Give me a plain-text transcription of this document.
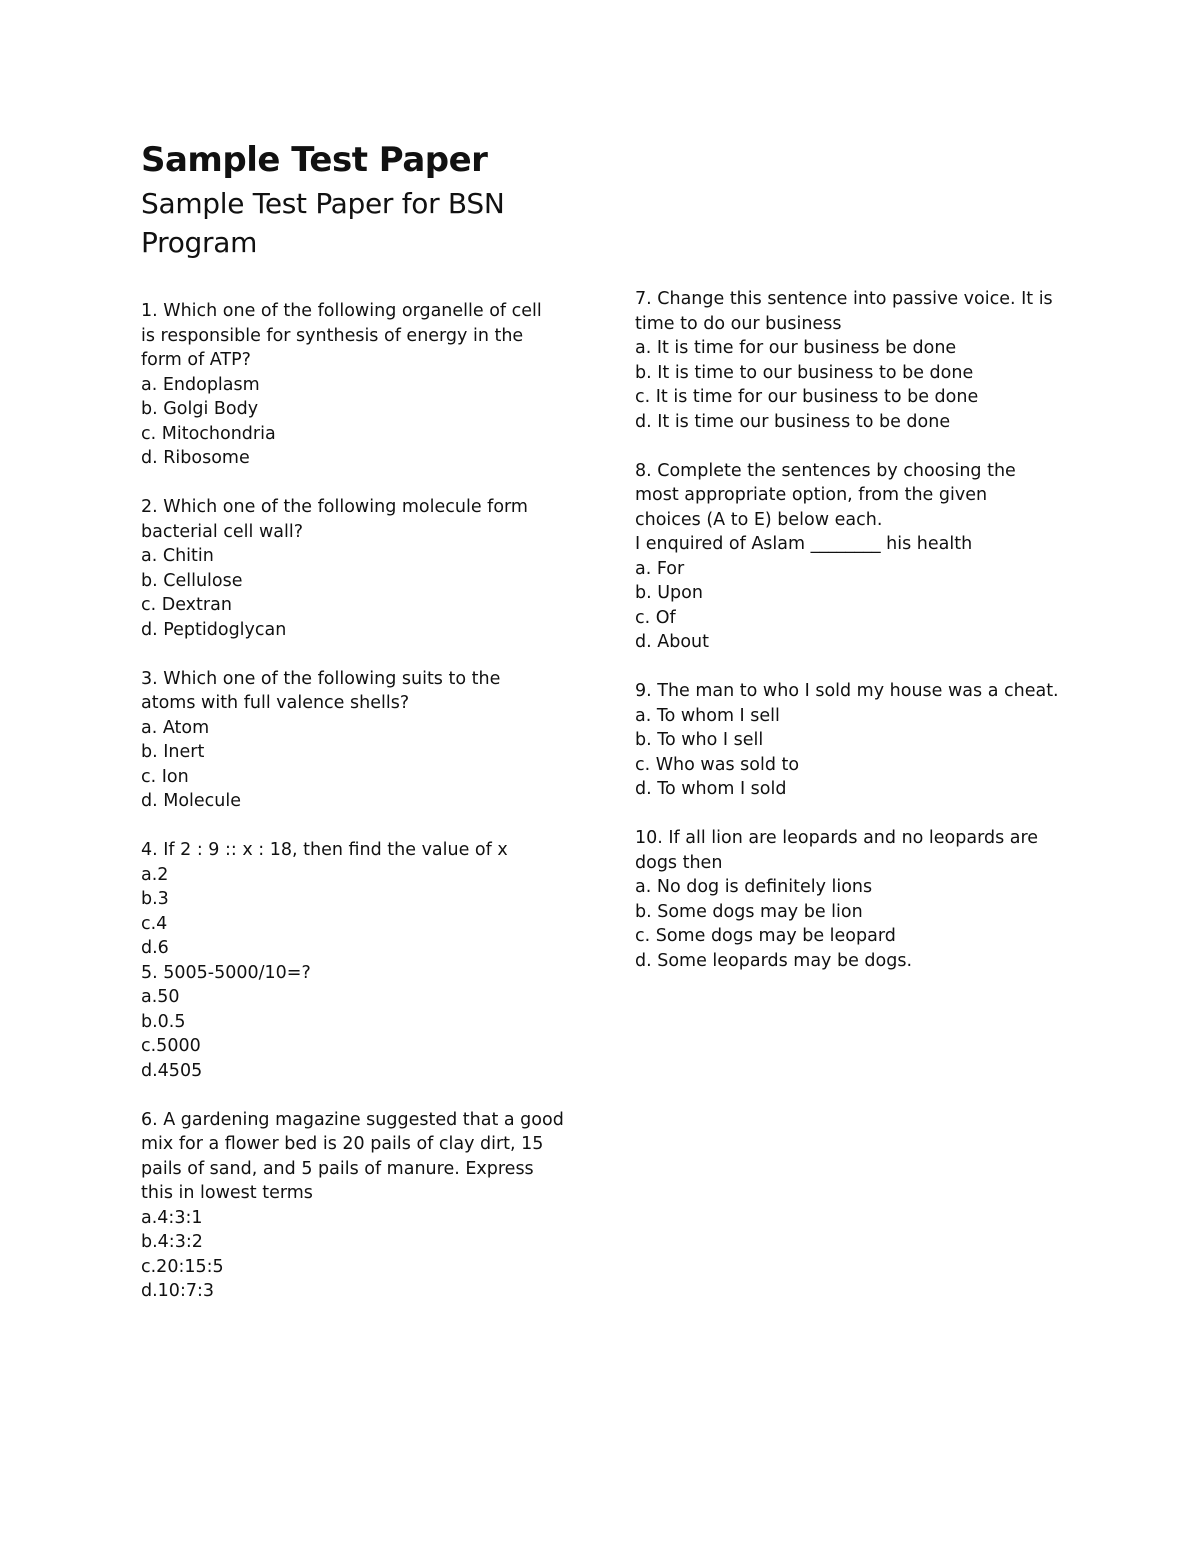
Sample Test Paper
Sample Test Paper for BSN Program
1. Which one of the following organelle of cell
is responsible for synthesis of energy in the
form of ATP?
a. Endoplasm
b. Golgi Body
c. Mitochondria
d. Ribosome
2. Which one of the following molecule form
bacterial cell wall?
a. Chitin
b. Cellulose
c. Dextran
d. Peptidoglycan
3. Which one of the following suits to the
atoms with full valence shells?
a. Atom
b. Inert
c. Ion
d. Molecule
4. If 2 : 9 :: x : 18, then find the value of x
a.2
b.3
c.4
d.6
5. 5005-5000/10=?
a.50
b.0.5
c.5000
d.4505
6. A gardening magazine suggested that a good
mix for a flower bed is 20 pails of clay dirt, 15
pails of sand, and 5 pails of manure. Express
this in lowest terms
a.4:3:1
b.4:3:2
c.20:15:5
d.10:7:3
7. Change this sentence into passive voice. It is
time to do our business
a. It is time for our business be done
b. It is time to our business to be done
c. It is time for our business to be done
d. It is time our business to be done
8. Complete the sentences by choosing the
most appropriate option, from the given
choices (A to E) below each.
I enquired of Aslam ________ his health
a. For
b. Upon
c. Of
d. About
9. The man to who I sold my house was a cheat.
a. To whom I sell
b. To who I sell
c. Who was sold to
d. To whom I sold
10. If all lion are leopards and no leopards are
dogs then
a. No dog is definitely lions
b. Some dogs may be lion
c. Some dogs may be leopard
d. Some leopards may be dogs.
